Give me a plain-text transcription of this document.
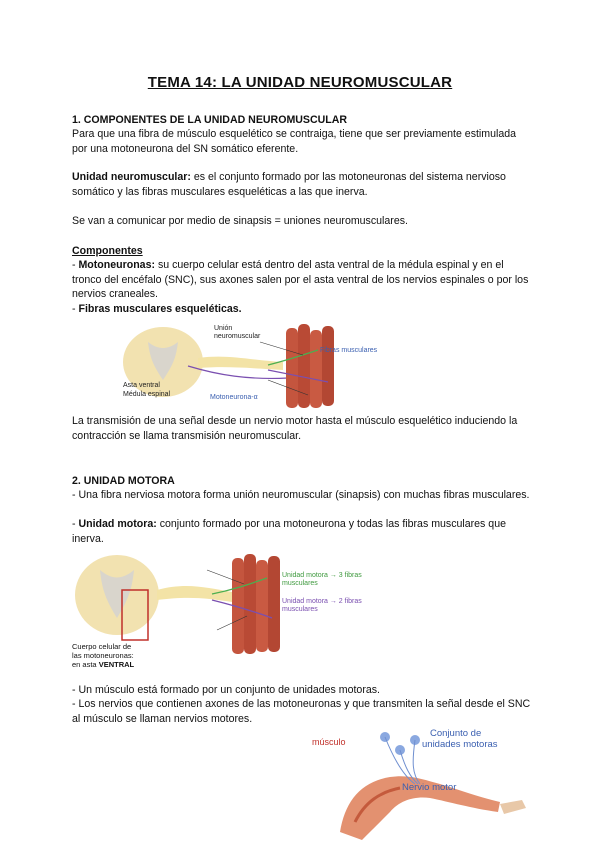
TEMA 14: LA UNIDAD NEUROMUSCULAR

1. COMPONENTES DE LA UNIDAD NEUROMUSCULAR

Para que una fibra de músculo esquelético se contraiga, tiene que ser previamente estimulada por una motoneurona del SN somático eferente.

Unidad neuromuscular: es el conjunto formado por las motoneuronas del sistema nervioso somático y las fibras musculares esqueléticas a las que inerva.

Se van a comunicar por medio de sinapsis = uniones neuromusculares.

Componentes

- Motoneuronas: su cuerpo celular está dentro del asta ventral de la médula espinal y en el tronco del encéfalo (SNC), sus axones salen por el asta ventral de los nervios espinales o por los nervios craneales.

- Fibras musculares esqueléticas.

Unión neuromuscular
Fibras musculares
Asta ventral
Médula espinal	Motoneurona-α

La transmisión de una señal desde un nervio motor hasta el músculo esquelético induciendo la contracción se llama transmisión neuromuscular.

2. UNIDAD MOTORA

- Una fibra nerviosa motora forma unión neuromuscular (sinapsis) con muchas fibras musculares.

- Unidad motora: conjunto formado por una motoneurona y todas las fibras musculares que inerva.

Unidad motora → 3 fibras
musculares
Unidad motora → 2 fibras
musculares
Cuerpo celular de
las motoneuronas:
en asta VENTRAL

- Un músculo está formado por un conjunto de unidades motoras.

- Los nervios que contienen axones de las motoneuronas y que transmiten la señal desde el SNC al músculo se llaman nervios motores.

músculo
Conjunto de
unidades motoras
Nervio motor
